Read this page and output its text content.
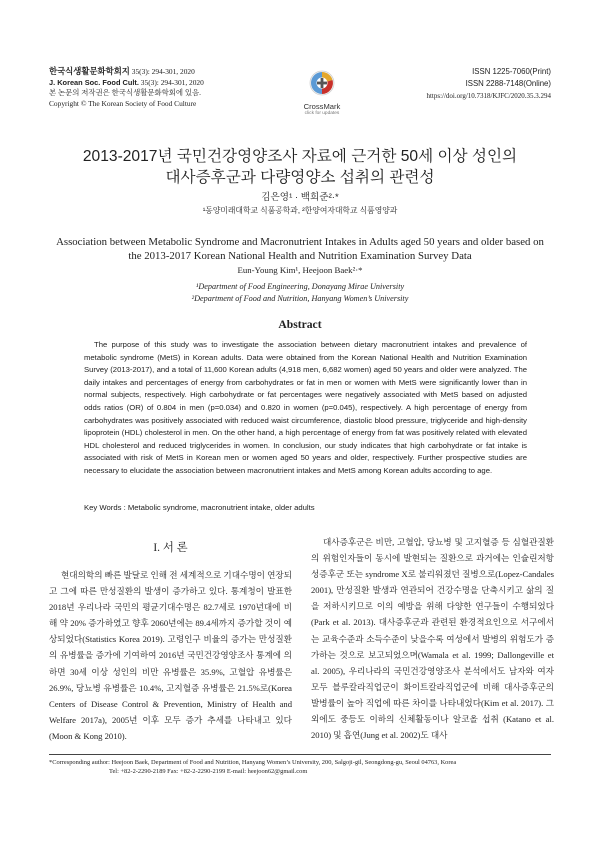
한국식생활문화학회지 35(3): 294-301, 2020
J. Korean Soc. Food Cult. 35(3): 294-301, 2020
본 논문의 저작권은 한국식생활문화학회에 있음.
Copyright © The Korean Society of Food Culture	CrossMark
click for updates
ISSN 1225-7060(Print)
ISSN 2288-7148(Online)
https://doi.org/10.7318/KJFC/2020.35.3.294
2013-2017년 국민건강영양조사 자료에 근거한 50세 이상 성인의
대사증후군과 다량영양소 섭취의 관련성
김은영¹ · 백희준²·*
¹동양미래대학교 식품공학과, ²한양여자대학교 식품영양과
Association between Metabolic Syndrome and Macronutrient Intakes in Adults aged 50 years and older based on the 2013-2017 Korean National Health and Nutrition Examination Survey Data
Eun-Young Kim¹, Heejoon Baek²·*
¹Department of Food Engineering, Donayang Mirae University
²Department of Food and Nutrition, Hanyang Women’s University
Abstract

The purpose of this study was to investigate the association between dietary macronutrient intakes and prevalence of metabolic syndrome (MetS) in Korean adults. Data were obtained from the Korean National Health and Nutrition Examination Survey (2013-2017), and a total of 11,600 Korean adults (4,918 men, 6,682 women) aged 50 years and older were analyzed. The daily intakes and percentages of energy from carbohydrates or fat in men or women with MetS were significantly lower than in normal subjects, respectively. High carbohydrate or fat percentages were negatively associated with MetS based on adjusted odds ratios (OR) of 0.804 in men (p=0.034) and 0.820 in women (p=0.045), respectively. A high percentage of energy from carbohydrates was positively associated with reduced waist circumference, diastolic blood pressure, triglyceride and high-density lipoprotein (HDL) cholesterol in men. On the other hand, a high percentage of energy from fat was positively related with elevated HDL cholesterol and reduced triglycerides in women. In conclusion, our study indicates that high carbohydrate or fat intake is associated with risk of MetS in Korean men or women aged 50 years and older, respectively. Further prospective studies are necessary to elucidate the association between macronutrient intakes and MetS among Korean adults according to age.

Key Words : Metabolic syndrome, macronutrient intake, older adults
I. 서 론

현대의학의 빠른 발달로 인해 전 세계적으로 기대수명이 연장되고 그에 따른 만성질환의 발생이 증가하고 있다. 통계청이 발표한 2018년 우리나라 국민의 평균기대수명은 82.7세로 1970년대에 비해 약 20% 증가하였고 향후 2060년에는 89.4세까지 증가할 것이 예상되었다(Statistics Korea 2019). 고령인구 비율의 증가는 만성질환의 유병률을 증가에 기여하여 2016년 국민건강영양조사 통계에 의하면 30세 이상 성인의 비만 유병률은 35.9%, 고혈압 유병률은 26.9%, 당뇨병 유병률은 10.4%, 고지혈증 유병률은 21.5%로(Korea Centers of Disease Control & Prevention, Ministry of Health and Welfare 2017a), 2005년 이후 모두 증가 추세를 나타내고 있다(Moon & Kong 2010).

대사증후군은 비만, 고혈압, 당뇨병 및 고지혈증 등 심혈관질환의 위험인자들이 동시에 발현되는 질환으로 과거에는 인슐린저항성증후군 또는 syndrome X로 불리워졌던 질병으로(Lopez-Candales 2001), 만성질환 발생과 연관되어 건강수명을 단축시키고 삶의 질을 저하시키므로 이의 예방을 위해 다양한 연구들이 수행되었다(Park et al. 2013). 대사증후군과 관련된 환경적요인으로 서구에서는 교육수준과 소득수준이 낮을수록 여성에서 발병의 위험도가 증가하는 것으로 보고되었으며(Wamala et al. 1999; Dallongeville et al. 2005), 우리나라의 국민건강영양조사 분석에서도 남자와 여자 모두 블루칼라직업군이 화이트칼라직업군에 비해 대사증후군의 발병률이 높아 직업에 따른 차이를 나타내었다(Kim et al. 2017). 그 외에도 중등도 이하의 신체활동이나 알코올 섭취 (Katano et al. 2010) 및 흡연(Jung et al. 2002)도 대사

*Corresponding author: Heejoon Baek, Department of Food and Nutrition, Hanyang Women’s University, 200, Salgoji-gil, Seongdong-gu, Seoul 04763, Korea
Tel: +82-2-2290-2189 Fax: +82-2-2290-2199 E-mail: heejoon62@gmail.com
